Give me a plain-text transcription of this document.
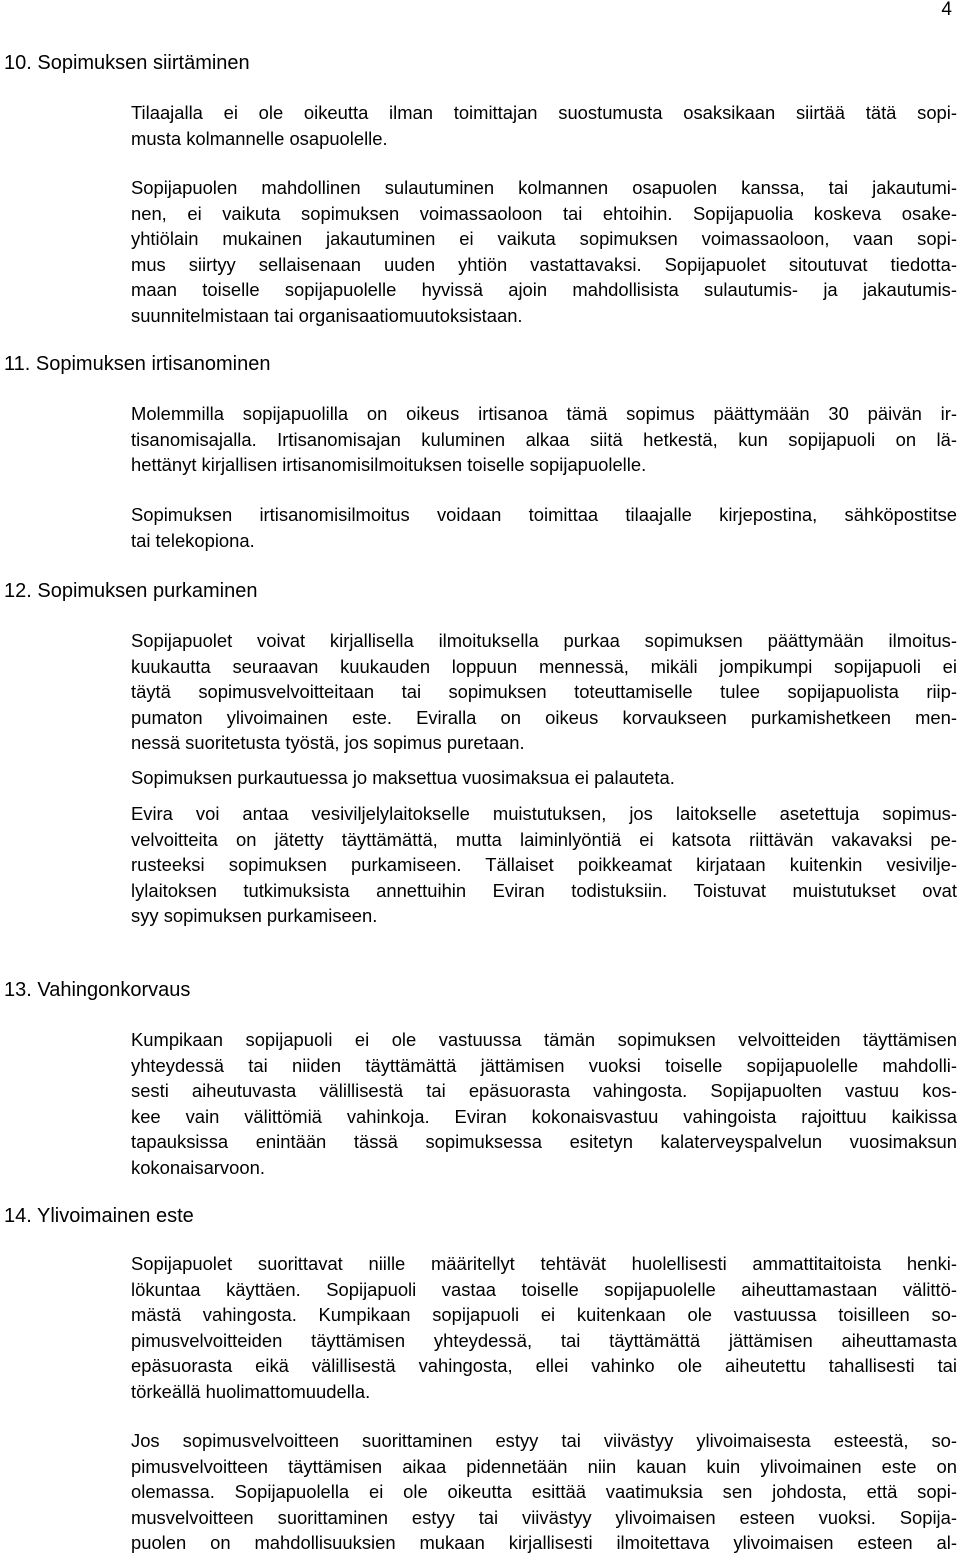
4
10. Sopimuksen siirtäminen
Tilaajalla ei ole oikeutta ilman toimittajan suostumusta osaksikaan siirtää tätä sopi-
musta kolmannelle osapuolelle.
Sopijapuolen mahdollinen sulautuminen kolmannen osapuolen kanssa, tai jakautumi-
nen, ei vaikuta sopimuksen voimassaoloon tai ehtoihin. Sopijapuolia koskeva osake-
yhtiölain mukainen jakautuminen ei vaikuta sopimuksen voimassaoloon, vaan sopi-
mus siirtyy sellaisenaan uuden yhtiön vastattavaksi. Sopijapuolet sitoutuvat tiedotta-
maan toiselle sopijapuolelle hyvissä ajoin mahdollisista sulautumis- ja jakautumis-
suunnitelmistaan tai organisaatiomuutoksistaan.
11. Sopimuksen irtisanominen
Molemmilla sopijapuolilla on oikeus irtisanoa tämä sopimus päättymään 30 päivän ir-
tisanomisajalla. Irtisanomisajan kuluminen alkaa siitä hetkestä, kun sopijapuoli on lä-
hettänyt kirjallisen irtisanomisilmoituksen toiselle sopijapuolelle.
Sopimuksen irtisanomisilmoitus voidaan toimittaa tilaajalle kirjepostina, sähköpostitse
tai telekopiona.
12. Sopimuksen purkaminen
Sopijapuolet voivat kirjallisella ilmoituksella purkaa sopimuksen päättymään ilmoitus-
kuukautta seuraavan kuukauden loppuun mennessä, mikäli jompikumpi sopijapuoli ei
täytä sopimusvelvoitteitaan tai sopimuksen toteuttamiselle tulee sopijapuolista riip-
pumaton ylivoimainen este. Eviralla on oikeus korvaukseen purkamishetkeen men-
nessä suoritetusta työstä, jos sopimus puretaan.
Sopimuksen purkautuessa jo maksettua vuosimaksua ei palauteta.
Evira voi antaa vesiviljelylaitokselle muistutuksen, jos laitokselle asetettuja sopimus-
velvoitteita on jätetty täyttämättä, mutta laiminlyöntiä ei katsota riittävän vakavaksi pe-
rusteeksi sopimuksen purkamiseen. Tällaiset poikkeamat kirjataan kuitenkin vesivilje-
lylaitoksen tutkimuksista annettuihin Eviran todistuksiin. Toistuvat muistutukset ovat
syy sopimuksen purkamiseen.
13. Vahingonkorvaus
Kumpikaan sopijapuoli ei ole vastuussa tämän sopimuksen velvoitteiden täyttämisen
yhteydessä tai niiden täyttämättä jättämisen vuoksi toiselle sopijapuolelle mahdolli-
sesti aiheutuvasta välillisestä tai epäsuorasta vahingosta. Sopijapuolten vastuu kos-
kee vain välittömiä vahinkoja. Eviran kokonaisvastuu vahingoista rajoittuu kaikissa
tapauksissa enintään tässä sopimuksessa esitetyn kalaterveyspalvelun vuosimaksun
kokonaisarvoon.
14. Ylivoimainen este
Sopijapuolet suorittavat niille määritellyt tehtävät huolellisesti ammattitaitoista henki-
lökuntaa käyttäen. Sopijapuoli vastaa toiselle sopijapuolelle aiheuttamastaan välittö-
mästä vahingosta. Kumpikaan sopijapuoli ei kuitenkaan ole vastuussa toisilleen so-
pimusvelvoitteiden täyttämisen yhteydessä, tai täyttämättä jättämisen aiheuttamasta
epäsuorasta eikä välillisestä vahingosta, ellei vahinko ole aiheutettu tahallisesti tai
törkeällä huolimattomuudella.
Jos sopimusvelvoitteen suorittaminen estyy tai viivästyy ylivoimaisesta esteestä, so-
pimusvelvoitteen täyttämisen aikaa pidennetään niin kauan kuin ylivoimainen este on
olemassa. Sopijapuolella ei ole oikeutta esittää vaatimuksia sen johdosta, että sopi-
musvelvoitteen suorittaminen estyy tai viivästyy ylivoimaisen esteen vuoksi. Sopija-
puolen on mahdollisuuksien mukaan kirjallisesti ilmoitettava ylivoimaisen esteen al-
